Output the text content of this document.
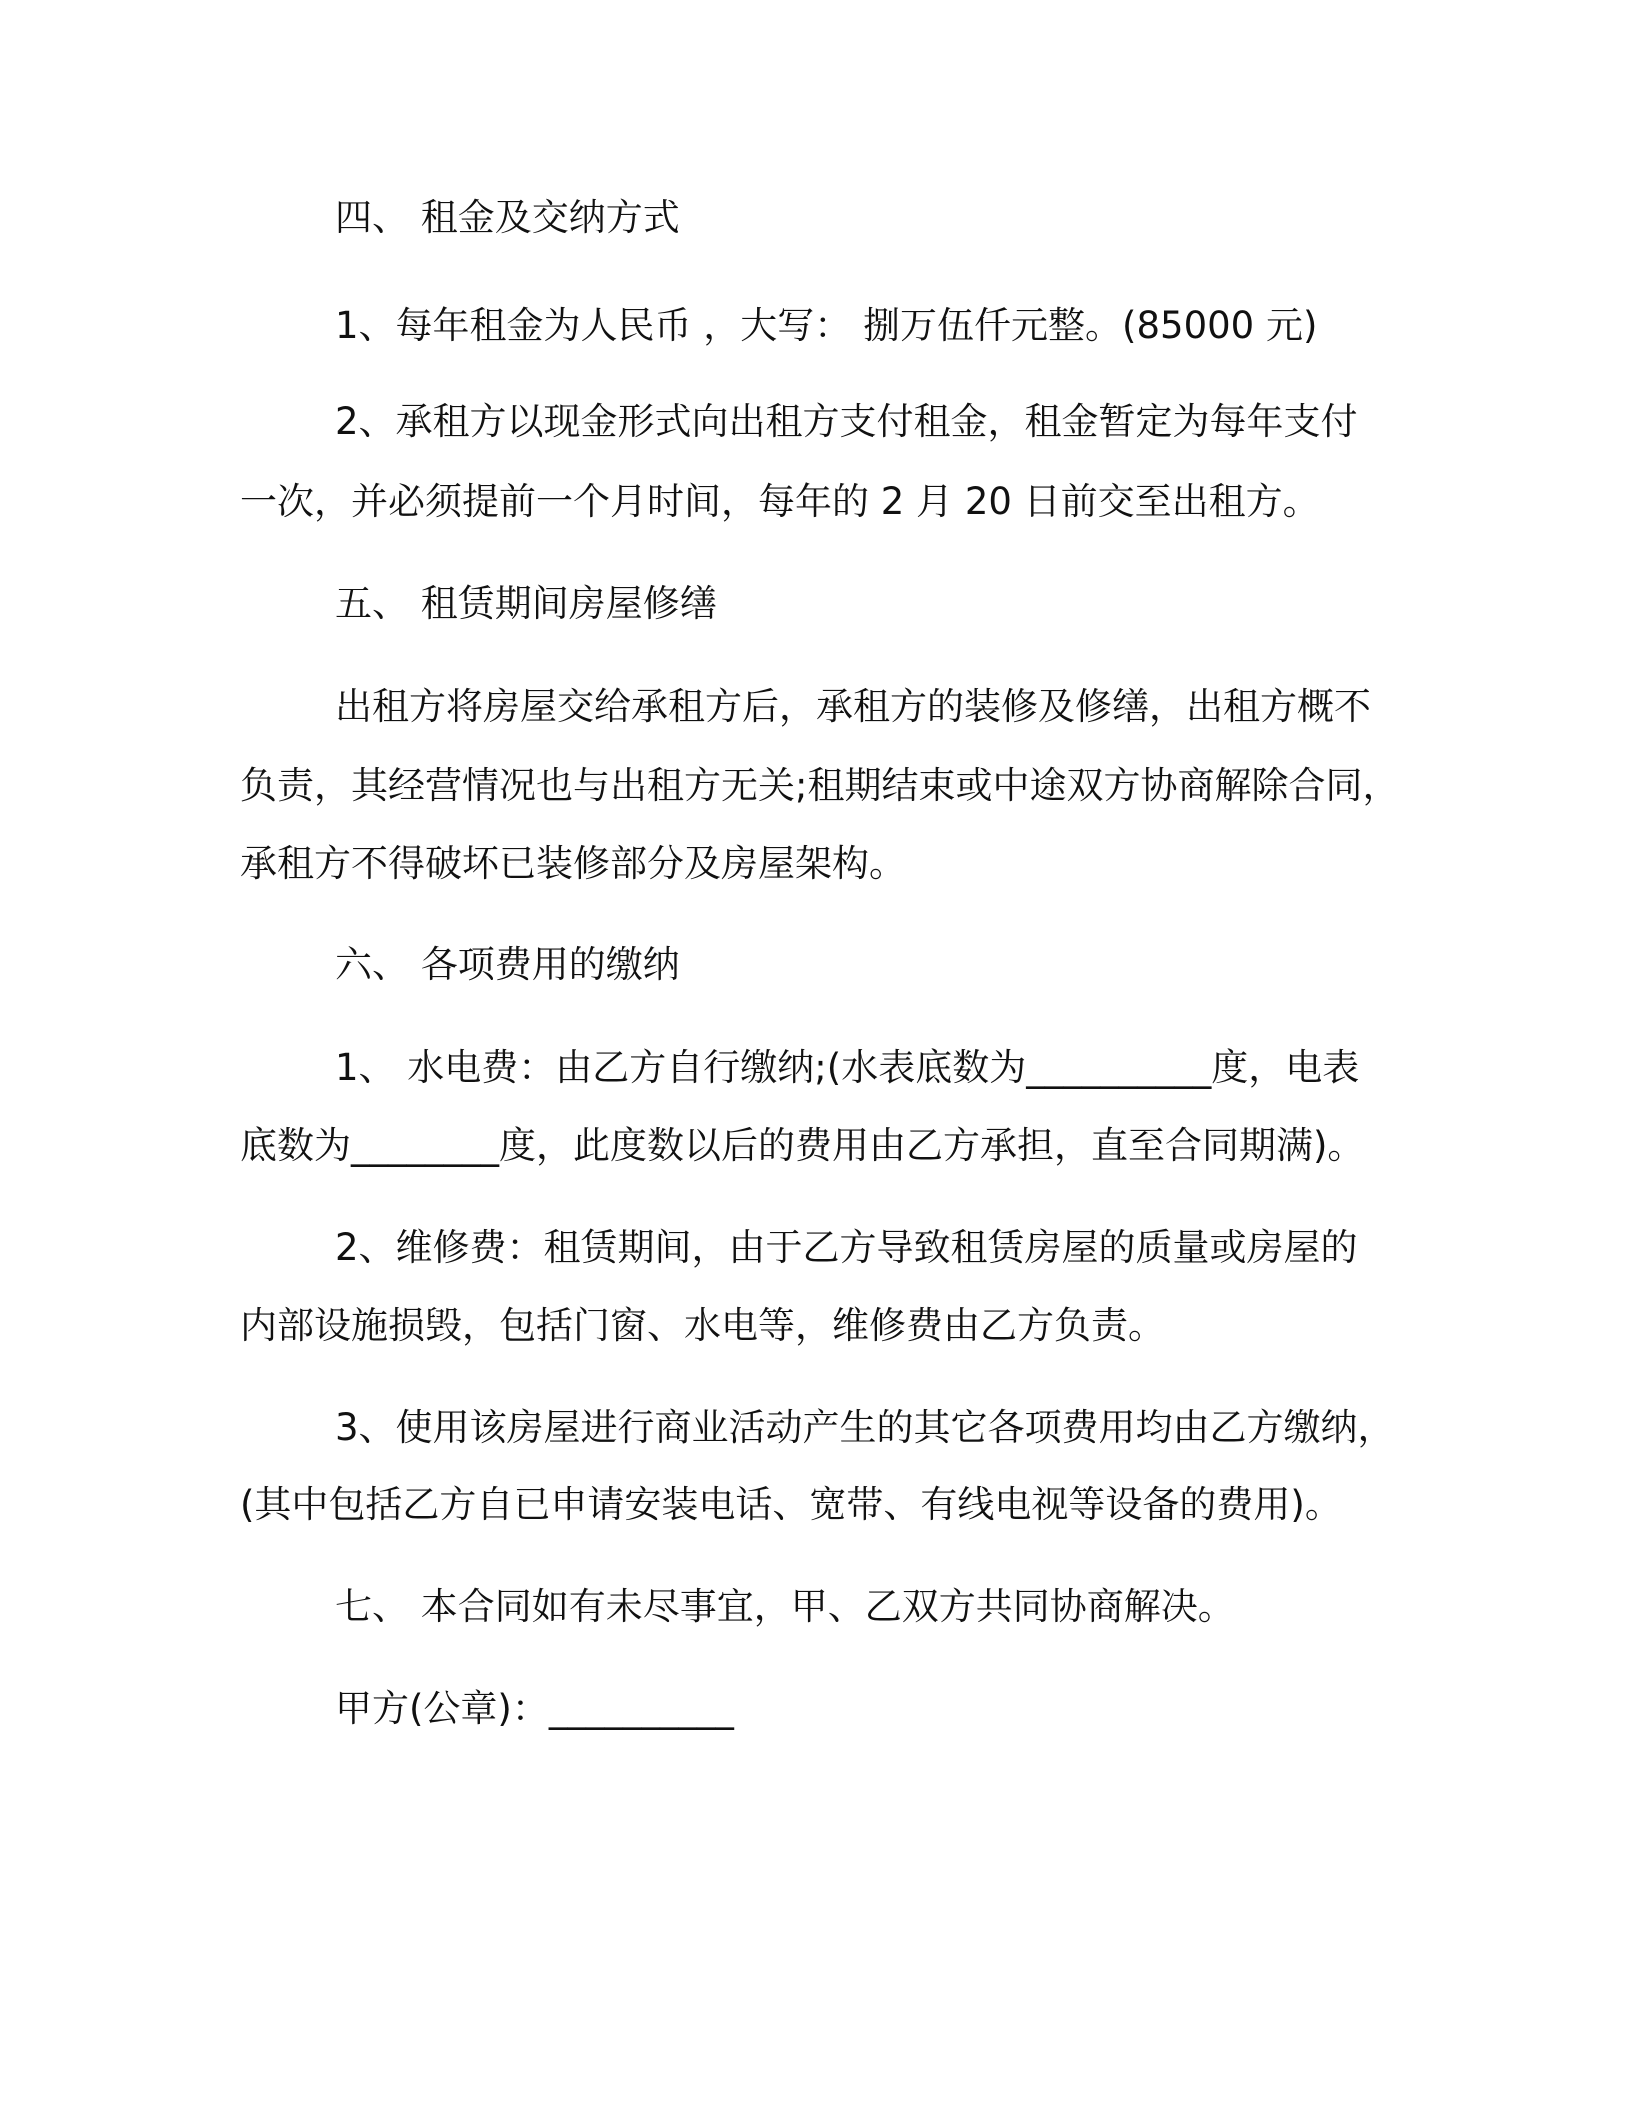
四、 租金及交纳方式
1、每年租金为人民币 ，大写： 捌万伍仟元整。(85000 元)
2、承租方以现金形式向出租方支付租金，租金暂定为每年支付
一次，并必须提前一个月时间，每年的 2 月 20 日前交至出租方。
五、 租赁期间房屋修缮
出租方将房屋交给承租方后，承租方的装修及修缮，出租方概不
负责，其经营情况也与出租方无关;租期结束或中途双方协商解除合同，
承租方不得破坏已装修部分及房屋架构。
六、 各项费用的缴纳
1、 水电费：由乙方自行缴纳;(水表底数为__________度，电表
底数为________度，此度数以后的费用由乙方承担，直至合同期满)。
2、维修费：租赁期间，由于乙方导致租赁房屋的质量或房屋的
内部设施损毁，包括门窗、水电等，维修费由乙方负责。
3、使用该房屋进行商业活动产生的其它各项费用均由乙方缴纳，
(其中包括乙方自已申请安装电话、宽带、有线电视等设备的费用)。
七、 本合同如有未尽事宜，甲、乙双方共同协商解决。
甲方(公章)：__________
